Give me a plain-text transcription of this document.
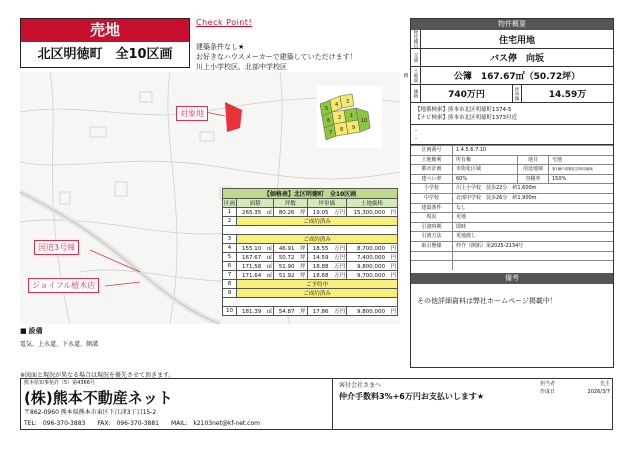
売地
北区明徳町　全10区画
Check Point!
建築条件なし★
お好きなハウスメーカーで建築していただけます！
川上小学校区、北部中学校区
5
4 3
6 2 1
7 8 9
10
対象地
国道3号線
ジョイフル植木店
【価格表】北区明徳町　全10区画				
区画	面積	坪数	坪単価	土地価格
1	265.35　㎡	80.26　坪	19.05　万円	15,300,000　円
2	ご成約済み			

3	ご成約済み			
4	155.10　㎡	46.91　坪	18.55　万円	8,700,000　円
5	167.67　㎡	50.72　坪	14.59　万円	7,400,000　円
6	171.58　㎡	51.90　坪	18.88　万円	9,800,000　円
7	171.64　㎡	51.92　坪	18.68　万円	9,700,000　円
8	ご予約中			
9	ご成約済み			

10	181.39　㎡	54.87　坪	17.86　万円	9,800,000　円
■ 設備
電気、上水道、下水道、側溝
物件概要
物件種目	住宅用地
交通	バス停　向坂
土地面積	公簿　167.67㎡（50.72坪）
価格	740万円	坪単価	14.59万
【地番検索】熊本市北区明徳町1374-5
【ナビ検索】熊本市北区明徳町1373付近
-
-
区画番号	1.4.5.6.7.10
土地権利	所有権	地目	宅地
都市計画	市街化区域	用途地域	第1種中高層住居専用地域
建ぺい率	60%	容積率	150%
小学校	川上小学校　徒歩22分　約1,600m
中学校	北部中学校　徒歩26分　約1,900m
建築条件	なし
現況	更地
引渡時期	即時
引渡方法	更地渡し
取引態様	仲介（開拓）第2025-2134号
備考
その他詳細資料は弊社ホームページ掲載中！
※図面と現況が異なる場合は現況を優先させて頂きます。
熊本県知事免許（5）第4366号
(株)熊本不動産ネット
〒862-0960 熊本県熊本市東区下江津3丁目15-2
TEL:　096-370-3883　　FAX:　096-370-3881　　MAIL:　k2103net@kf-net.com
客付会社さまへ
仲介手数料3%+6万円お支払いします★
担当者	先主
作成日	2026/3/7
